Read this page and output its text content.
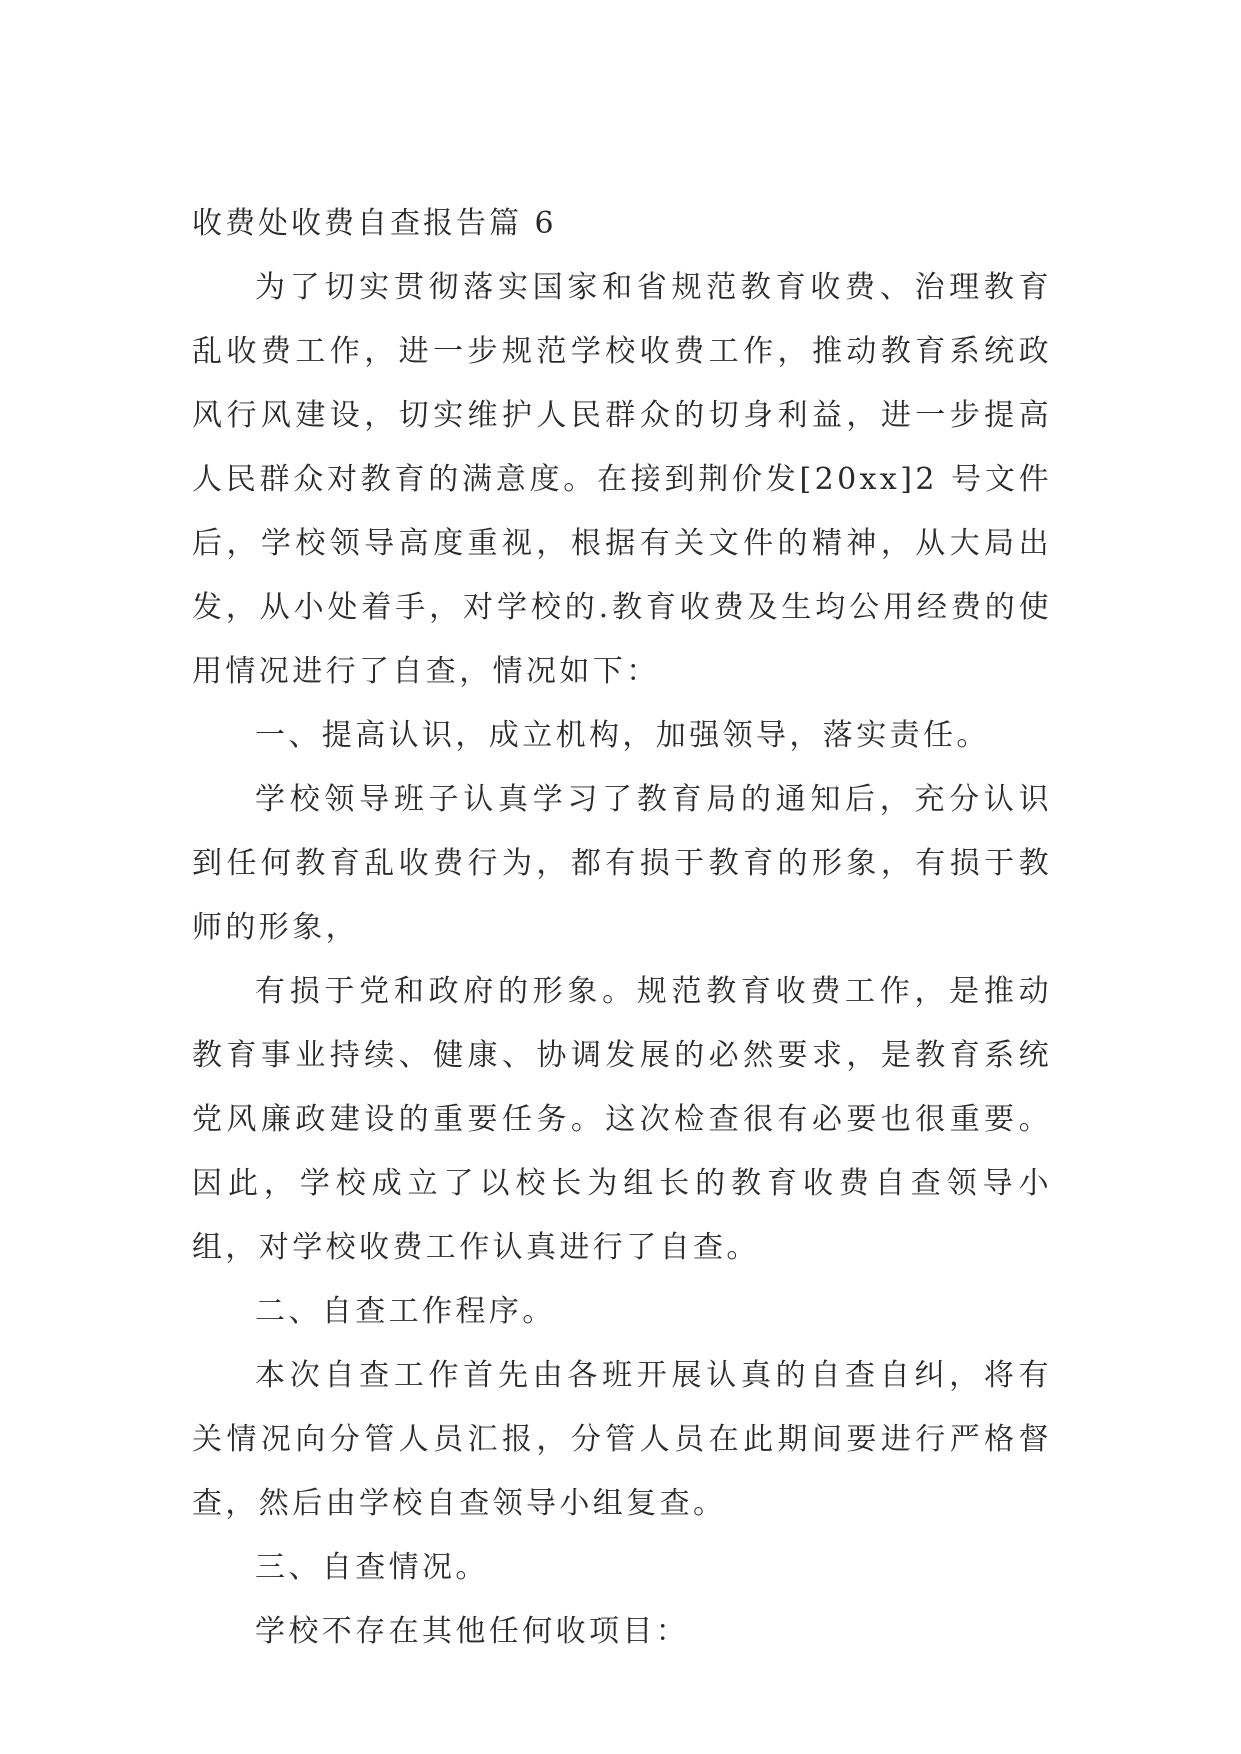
收费处收费自查报告篇 6

为了切实贯彻落实国家和省规范教育收费、治理教育乱收费工作，进一步规范学校收费工作，推动教育系统政风行风建设，切实维护人民群众的切身利益，进一步提高人民群众对教育的满意度。在接到荆价发[20xx]2 号文件后，学校领导高度重视，根据有关文件的精神，从大局出发，从小处着手，对学校的.教育收费及生均公用经费的使用情况进行了自查，情况如下：

一、提高认识，成立机构，加强领导，落实责任。

学校领导班子认真学习了教育局的通知后，充分认识到任何教育乱收费行为，都有损于教育的形象，有损于教师的形象，

有损于党和政府的形象。规范教育收费工作，是推动教育事业持续、健康、协调发展的必然要求，是教育系统党风廉政建设的重要任务。这次检查很有必要也很重要。因此，学校成立了以校长为组长的教育收费自查领导小组，对学校收费工作认真进行了自查。

二、自查工作程序。

本次自查工作首先由各班开展认真的自查自纠，将有关情况向分管人员汇报，分管人员在此期间要进行严格督查，然后由学校自查领导小组复查。

三、自查情况。

学校不存在其他任何收项目：
